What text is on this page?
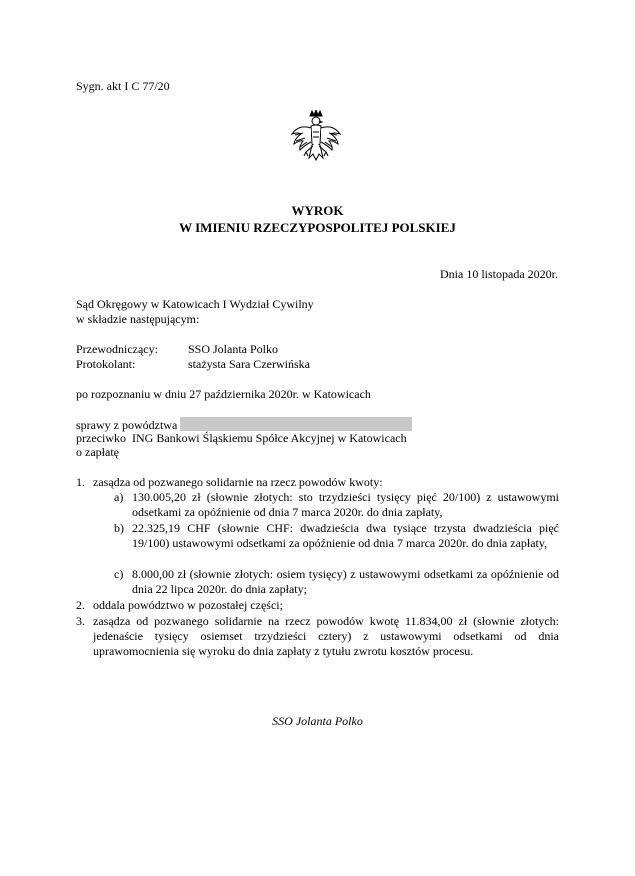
Sygn. akt I C 77/20
WYROK
W IMIENIU RZECZYPOSPOLITEJ POLSKIEJ
Dnia 10 listopada 2020r.
Sąd Okręgowy w Katowicach I Wydział Cywilny
w składzie następującym:
Przewodniczący:	SSO Jolanta Polko
Protokolant:	stażysta Sara Czerwińska
po rozpoznaniu w dniu 27 października 2020r. w Katowicach
sprawy z powództwa
przeciwko ING Bankowi Śląskiemu Spółce Akcyjnej w Katowicach
o zapłatę
1. zasądza od pozwanego solidarnie na rzecz powodów kwoty:
a) 130.005,20 zł (słownie złotych: sto trzydzieści tysięcy pięć 20/100) z ustawowymi odsetkami za opóźnienie od dnia 7 marca 2020r. do dnia zapłaty,
b) 22.325,19 CHF (słownie CHF: dwadzieścia dwa tysiące trzysta dwadzieścia pięć 19/100) ustawowymi odsetkami za opóźnienie od dnia 7 marca 2020r. do dnia zapłaty,
c) 8.000,00 zł (słownie złotych: osiem tysięcy) z ustawowymi odsetkami za opóźnienie od dnia 22 lipca 2020r. do dnia zapłaty;
2. oddala powództwo w pozostałej części;
3. zasądza od pozwanego solidarnie na rzecz powodów kwotę 11.834,00 zł (słownie złotych: jedenaście tysięcy osiemset trzydzieści cztery) z ustawowymi odsetkami od dnia uprawomocnienia się wyroku do dnia zapłaty z tytułu zwrotu kosztów procesu.
SSO Jolanta Polko
